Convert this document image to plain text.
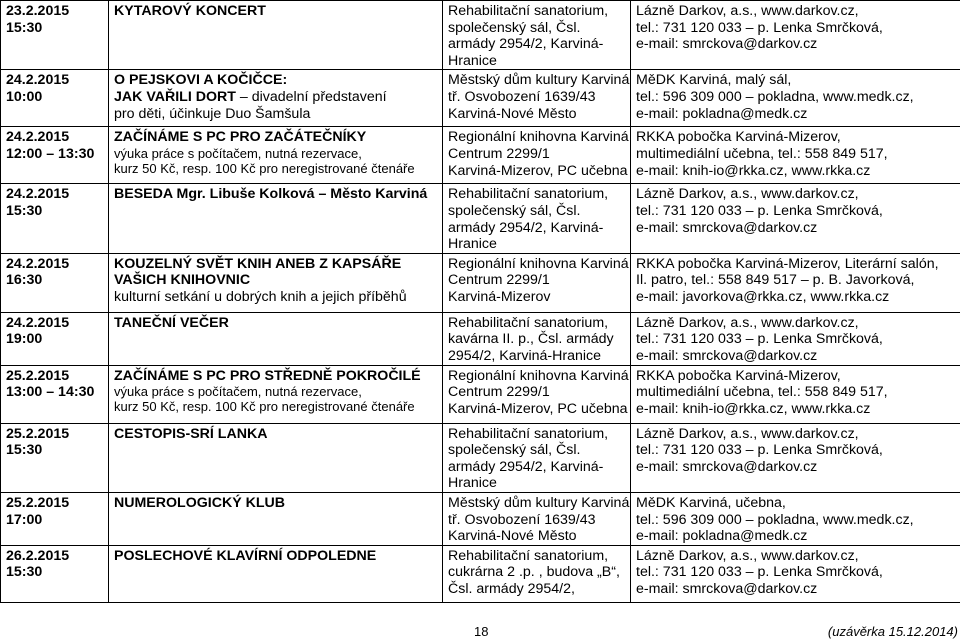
23.2.2015
15:30	KYTAROVÝ KONCERT	Rehabilitační sanatorium,
společenský sál, Čsl.
armády 2954/2, Karviná-
Hranice	Lázně Darkov, a.s., www.darkov.cz,
tel.: 731 120 033 – p. Lenka Smrčková,
e-mail: smrckova@darkov.cz

24.2.2015
10:00	O PEJSKOVI A KOČIČCE:
JAK VAŘILI DORT – divadelní představení
pro děti, účinkuje Duo Šamšula	Městský dům kultury Karviná
tř. Osvobození 1639/43
Karviná-Nové Město	MěDK Karviná, malý sál,
tel.: 596 309 000 – pokladna, www.medk.cz,
e-mail: pokladna@medk.cz

24.2.2015
12:00 – 13:30	ZAČÍNÁME S PC PRO ZAČÁTEČNÍKY
výuka práce s počítačem, nutná rezervace,
kurz 50 Kč, resp. 100 Kč pro neregistrované čtenáře	Regionální knihovna Karviná
Centrum 2299/1
Karviná-Mizerov, PC učebna	RKKA pobočka Karviná-Mizerov,
multimediální učebna, tel.: 558 849 517,
e-mail: knih-io@rkka.cz, www.rkka.cz

24.2.2015
15:30	BESEDA Mgr. Libuše Kolková – Město Karviná	Rehabilitační sanatorium,
společenský sál, Čsl.
armády 2954/2, Karviná-
Hranice	Lázně Darkov, a.s., www.darkov.cz,
tel.: 731 120 033 – p. Lenka Smrčková,
e-mail: smrckova@darkov.cz

24.2.2015
16:30	KOUZELNÝ SVĚT KNIH ANEB Z KAPSÁŘE
VAŠICH KNIHOVNIC
kulturní setkání u dobrých knih a jejich příběhů	Regionální knihovna Karviná
Centrum 2299/1
Karviná-Mizerov	RKKA pobočka Karviná-Mizerov, Literární salón,
Il. patro, tel.: 558 849 517 – p. B. Javorková,
e-mail: javorkova@rkka.cz, www.rkka.cz

24.2.2015
19:00	TANEČNÍ VEČER	Rehabilitační sanatorium,
kavárna II. p., Čsl. armády
2954/2, Karviná-Hranice	Lázně Darkov, a.s., www.darkov.cz,
tel.: 731 120 033 – p. Lenka Smrčková,
e-mail: smrckova@darkov.cz

25.2.2015
13:00 – 14:30	ZAČÍNÁME S PC PRO STŘEDNĚ POKROČILÉ
výuka práce s počítačem, nutná rezervace,
kurz 50 Kč, resp. 100 Kč pro neregistrované čtenáře	Regionální knihovna Karviná
Centrum 2299/1
Karviná-Mizerov, PC učebna	RKKA pobočka Karviná-Mizerov,
multimediální učebna, tel.: 558 849 517,
e-mail: knih-io@rkka.cz, www.rkka.cz

25.2.2015
15:30	CESTOPIS-SRÍ LANKA	Rehabilitační sanatorium,
společenský sál, Čsl.
armády 2954/2, Karviná-
Hranice	Lázně Darkov, a.s., www.darkov.cz,
tel.: 731 120 033 – p. Lenka Smrčková,
e-mail: smrckova@darkov.cz

25.2.2015
17:00	NUMEROLOGICKÝ KLUB	Městský dům kultury Karviná
tř. Osvobození 1639/43
Karviná-Nové Město	MěDK Karviná, učebna,
tel.: 596 309 000 – pokladna, www.medk.cz,
e-mail: pokladna@medk.cz

26.2.2015
15:30	POSLECHOVÉ KLAVÍRNÍ ODPOLEDNE	Rehabilitační sanatorium,
cukrárna 2 .p. , budova „B“,
Čsl. armády 2954/2,	Lázně Darkov, a.s., www.darkov.cz,
tel.: 731 120 033 – p. Lenka Smrčková,
e-mail: smrckova@darkov.cz
18	(uzávěrka 15.12.2014)
